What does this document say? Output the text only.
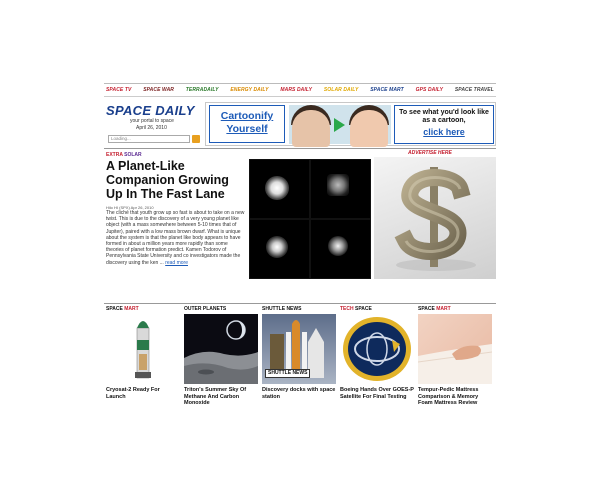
SPACE TV SPACE WAR TERRADAILY ENERGY DAILY MARS DAILY SOLAR DAILY SPACE MART GPS DAILY SPACE TRAVEL
SPACE DAILY
your portal to space
April 26, 2010
Loading...
Cartoonify Yourself
To see what you'd look like as a cartoon,
click here
EXTRA SOLAR
A Planet-Like Companion Growing Up In The Fast Lane
Hilo HI (SPX) Apr 26, 2010
The cliché that youth grow up so fast is about to take on a new twist. This is due to the discovery of a very young planet like object (with a mass somewhere between 5-10 times that of Jupiter), paired with a low mass brown dwarf. What is unique about the system is that the planet like body appears to have formed in about a million years more rapidly than some theories of planet formation predict. Kamen Todorov of Pennsylvania State University and co investigators made the discovery using the ken ... read more
ADVERTISE HERE
SPACE MART
Cryosat-2 Ready For Launch
OUTER PLANETS
Triton's Summer Sky Of Methane And Carbon Monoxide
SHUTTLE NEWS
SHUTTLE NEWS
Discovery docks with space station
TECH SPACE
Boeing Hands Over GOES-P Satellite For Final Testing
SPACE MART
Tempur-Pedic Mattress Comparison & Memory Foam Mattress Review
